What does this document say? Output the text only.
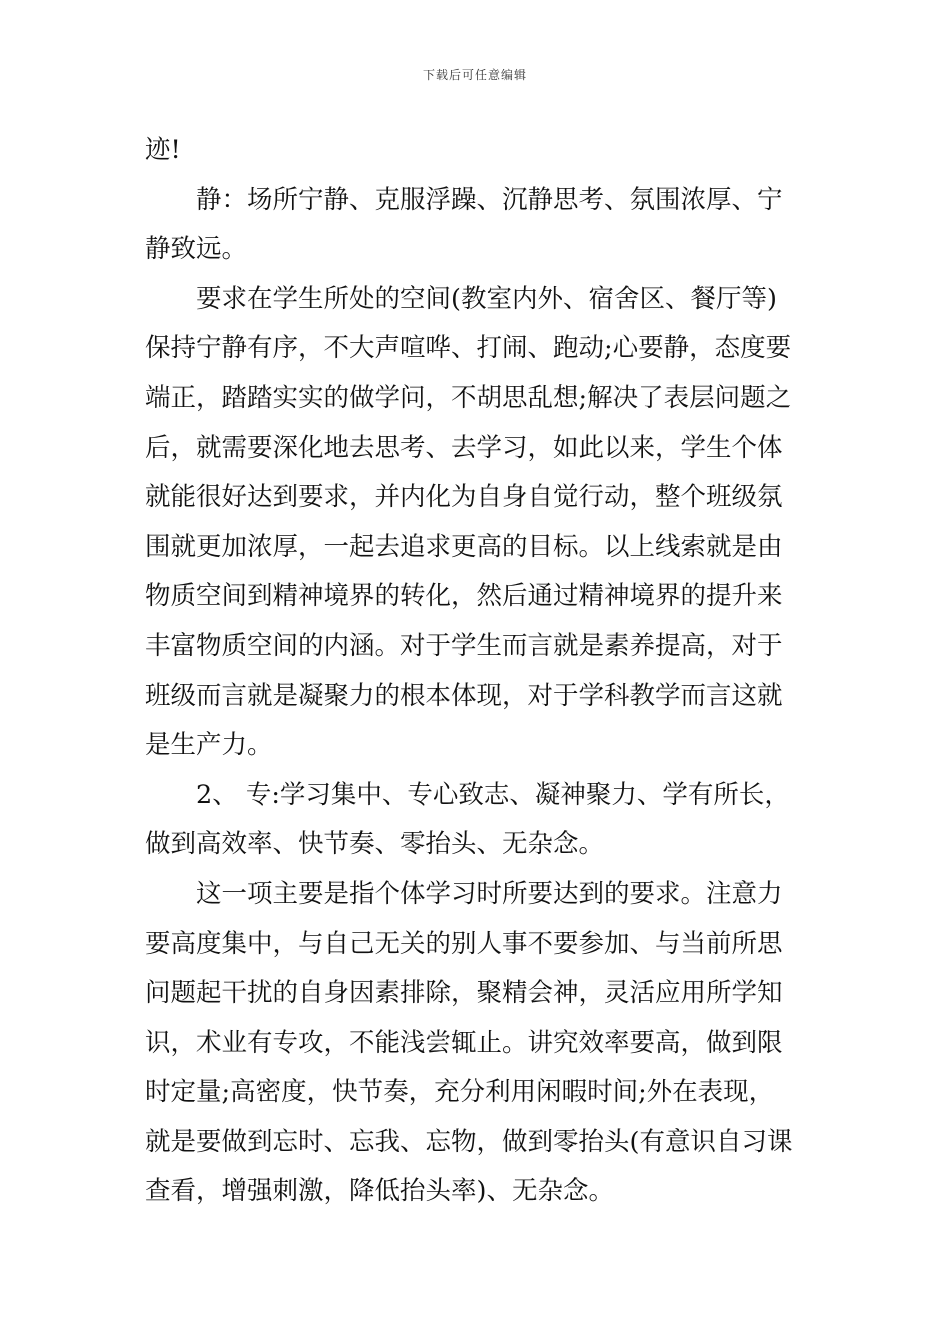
下载后可任意编辑
迹!
　　静：场所宁静、克服浮躁、沉静思考、氛围浓厚、宁
静致远。
　　要求在学生所处的空间(教室内外、宿舍区、餐厅等)
保持宁静有序，不大声喧哗、打闹、跑动;心要静，态度要
端正，踏踏实实的做学问，不胡思乱想;解决了表层问题之
后，就需要深化地去思考、去学习，如此以来，学生个体
就能很好达到要求，并内化为自身自觉行动，整个班级氛
围就更加浓厚，一起去追求更高的目标。以上线索就是由
物质空间到精神境界的转化，然后通过精神境界的提升来
丰富物质空间的内涵。对于学生而言就是素养提高，对于
班级而言就是凝聚力的根本体现，对于学科教学而言这就
是生产力。
　　2、 专:学习集中、专心致志、凝神聚力、学有所长，
做到高效率、快节奏、零抬头、无杂念。
　　这一项主要是指个体学习时所要达到的要求。注意力
要高度集中，与自己无关的别人事不要参加、与当前所思
问题起干扰的自身因素排除，聚精会神，灵活应用所学知
识，术业有专攻，不能浅尝辄止。讲究效率要高，做到限
时定量;高密度，快节奏，充分利用闲暇时间;外在表现，
就是要做到忘时、忘我、忘物，做到零抬头(有意识自习课
查看，增强刺激，降低抬头率)、无杂念。
